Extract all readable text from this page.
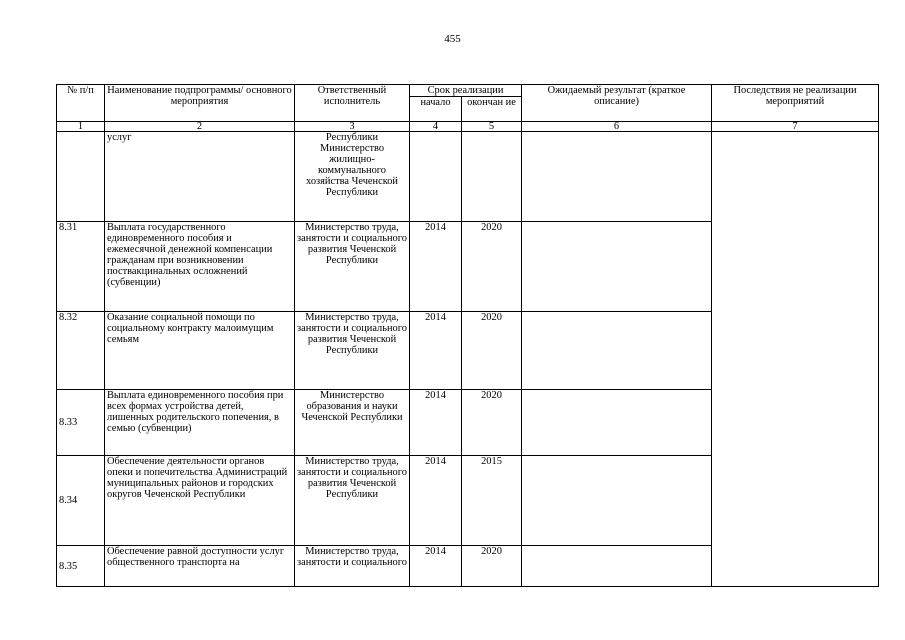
455
№ п/п	Наименование подпрограммы/ основного мероприятия	Ответственный исполнитель	Срок реализации		Ожидаемый результат (краткое описание)	Последствия не реализации мероприятий
			начало	окончан ие		
1	2	3	4	5	6	7
	услуг	Республики Министерство жилищно-коммунального хозяйства Чеченской Республики				
8.31	Выплата государственного единовременного пособия и ежемесячной денежной компенсации гражданам при возникновении поствакцинальных осложнений (субвенции)	Министерство труда, занятости и социального развития Чеченской Республики	2014	2020		
8.32	Оказание социальной помощи по социальному контракту малоимущим семьям	Министерство труда, занятости и социального развития Чеченской Республики	2014	2020		
8.33	Выплата единовременного пособия при всех формах устройства детей, лишенных родительского попечения, в семью (субвенции)	Министерство образования и науки Чеченской Республики	2014	2020		
8.34	Обеспечение деятельности органов опеки и попечительства Администраций муниципальных районов и городских округов Чеченской Республики	Министерство труда, занятости и социального развития Чеченской Республики	2014	2015		
8.35	Обеспечение равной доступности услуг общественного транспорта на	Министерство труда, занятости и социального	2014	2020		
